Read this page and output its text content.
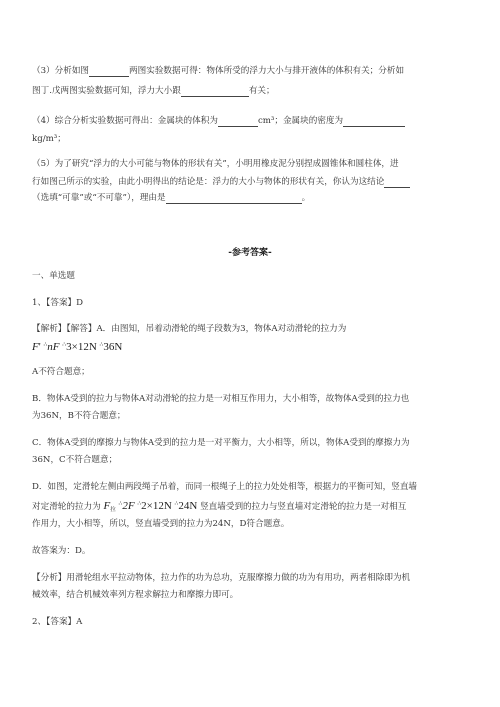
（3）分析如图	两图实验数据可得：物体所受的浮力大小与排开液体的体积有关；分析如

图丁.戊两图实验数据可知，浮力大小跟	有关；

（4）综合分析实验数据可得出：金属块的体积为	cm³；金属块的密度为

kg/m³；

（5）为了研究“浮力的大小可能与物体的形状有关”，小明用橡皮泥分别捏成圆锥体和圆柱体，进

行如图己所示的实验，由此小明得出的结论是：浮力的大小与物体的形状有关，你认为这结论

（选填“可靠”或“不可靠”），理由是	。

-参考答案-

一、单选题

1、【答案】D

【解析】【解答】A．由图知，吊着动滑轮的绳子段数为3，物体A对动滑轮的拉力为

F' ∴nF ∴3×12N ∴36N

A不符合题意；

B．物体A受到的拉力与物体A对动滑轮的拉力是一对相互作用力，大小相等，故物体A受到的拉力也

为36N，B不符合题意；

C．物体A受到的摩擦力与物体A受到的拉力是一对平衡力，大小相等，所以，物体A受到的摩擦力为

36N，C不符合题意；

D．如图，定滑轮左侧由两段绳子吊着，而同一根绳子上的拉力处处相等，根据力的平衡可知，竖直墙

对定滑轮的拉力为 $F_拉$ ∴2F ∴2×12N ∴24N 竖直墙受到的拉力与竖直墙对定滑轮的拉力是一对相互

作用力，大小相等，所以，竖直墙受到的拉力为24N，D符合题意。

故答案为：D。

【分析】用滑轮组水平拉动物体，拉力作的功为总功，克服摩擦力做的功为有用功，两者相除即为机

械效率，结合机械效率列方程求解拉力和摩擦力即可。

2、【答案】A
